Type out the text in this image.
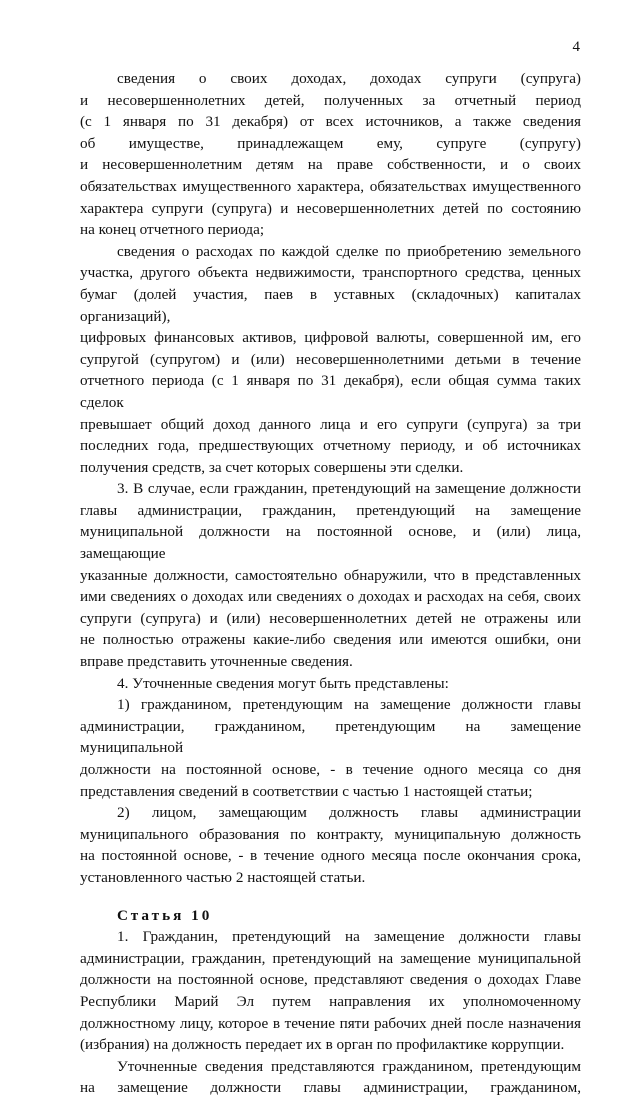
4
сведения о своих доходах, доходах супруги (супруга)
и несовершеннолетних детей, полученных за отчетный период
(с 1 января по 31 декабря) от всех источников, а также сведения
об имуществе, принадлежащем ему, супруге (супругу)
и несовершеннолетним детям на праве собственности, и о своих
обязательствах имущественного характера, обязательствах имущественного
характера супруги (супруга) и несовершеннолетних детей по состоянию
на конец отчетного периода;
сведения о расходах по каждой сделке по приобретению земельного
участка, другого объекта недвижимости, транспортного средства, ценных
бумаг (долей участия, паев в уставных (складочных) капиталах организаций),
цифровых финансовых активов, цифровой валюты, совершенной им, его
супругой (супругом) и (или) несовершеннолетними детьми в течение
отчетного периода (с 1 января по 31 декабря), если общая сумма таких сделок
превышает общий доход данного лица и его супруги (супруга) за три
последних года, предшествующих отчетному периоду, и об источниках
получения средств, за счет которых совершены эти сделки.
3. В случае, если гражданин, претендующий на замещение должности
главы администрации, гражданин, претендующий на замещение
муниципальной должности на постоянной основе, и (или) лица, замещающие
указанные должности, самостоятельно обнаружили, что в представленных
ими сведениях о доходах или сведениях о доходах и расходах на себя, своих
супруги (супруга) и (или) несовершеннолетних детей не отражены или
не полностью отражены какие-либо сведения или имеются ошибки, они
вправе представить уточненные сведения.
4. Уточненные сведения могут быть представлены:
1) гражданином, претендующим на замещение должности главы
администрации, гражданином, претендующим на замещение муниципальной
должности на постоянной основе, - в течение одного месяца со дня
представления сведений в соответствии с частью 1 настоящей статьи;
2) лицом, замещающим должность главы администрации
муниципального образования по контракту, муниципальную должность
на постоянной основе, - в течение одного месяца после окончания срока,
установленного частью 2 настоящей статьи.
Статья 10
1. Гражданин, претендующий на замещение должности главы
администрации, гражданин, претендующий на замещение муниципальной
должности на постоянной основе, представляют сведения о доходах Главе
Республики Марий Эл путем направления их уполномоченному
должностному лицу, которое в течение пяти рабочих дней после назначения
(избрания) на должность передает их в орган по профилактике коррупции.
Уточненные сведения представляются гражданином, претендующим
на замещение должности главы администрации, гражданином,
